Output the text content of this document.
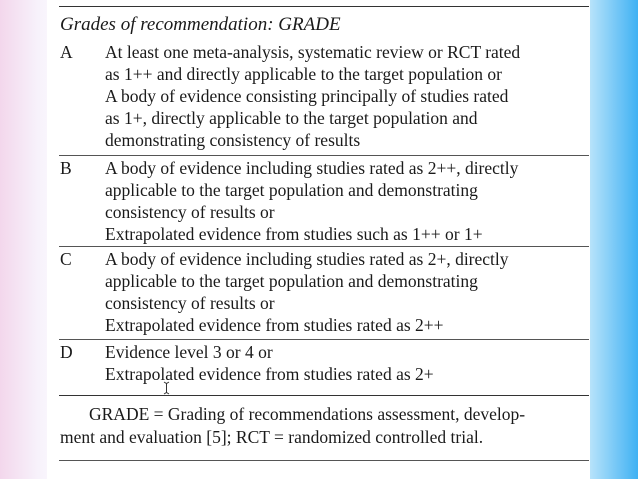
Grades of recommendation: GRADE
A	At least one meta-analysis, systematic review or RCT rated
as 1++ and directly applicable to the target population or
A body of evidence consisting principally of studies rated
as 1+, directly applicable to the target population and
demonstrating consistency of results
B	A body of evidence including studies rated as 2++, directly
applicable to the target population and demonstrating
consistency of results or
Extrapolated evidence from studies such as 1++ or 1+
C	A body of evidence including studies rated as 2+, directly
applicable to the target population and demonstrating
consistency of results or
Extrapolated evidence from studies rated as 2++
D	Evidence level 3 or 4 or
Extrapolated evidence from studies rated as 2+
GRADE = Grading of recommendations assessment, develop-
ment and evaluation [5]; RCT = randomized controlled trial.
